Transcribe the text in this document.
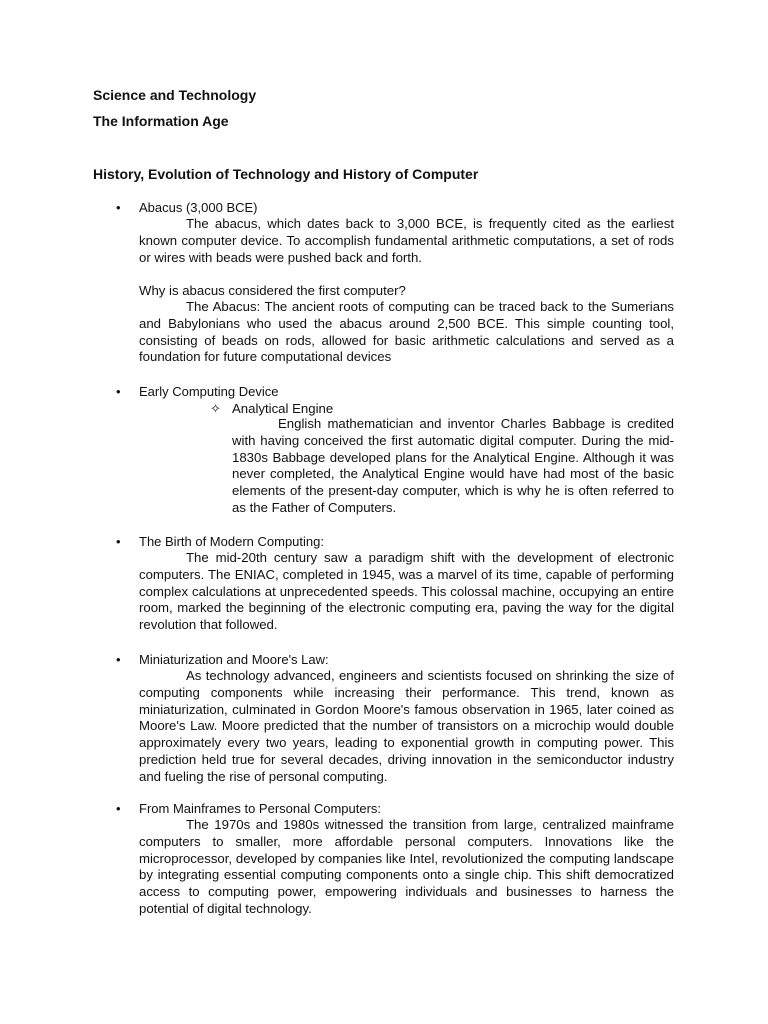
Science and Technology
The Information Age
History, Evolution of Technology and History of Computer
• Abacus (3,000 BCE)

The abacus, which dates back to 3,000 BCE, is frequently cited as the earliest known computer device. To accomplish fundamental arithmetic computations, a set of rods or wires with beads were pushed back and forth.

Why is abacus considered the first computer?

The Abacus: The ancient roots of computing can be traced back to the Sumerians and Babylonians who used the abacus around 2,500 BCE. This simple counting tool, consisting of beads on rods, allowed for basic arithmetic calculations and served as a foundation for future computational devices

• Early Computing Device
✧ Analytical Engine

English mathematician and inventor Charles Babbage is credited with having conceived the first automatic digital computer. During the mid-1830s Babbage developed plans for the Analytical Engine. Although it was never completed, the Analytical Engine would have had most of the basic elements of the present-day computer, which is why he is often referred to as the Father of Computers.

• The Birth of Modern Computing:

The mid-20th century saw a paradigm shift with the development of electronic computers. The ENIAC, completed in 1945, was a marvel of its time, capable of performing complex calculations at unprecedented speeds. This colossal machine, occupying an entire room, marked the beginning of the electronic computing era, paving the way for the digital revolution that followed.

• Miniaturization and Moore's Law:

As technology advanced, engineers and scientists focused on shrinking the size of computing components while increasing their performance. This trend, known as miniaturization, culminated in Gordon Moore's famous observation in 1965, later coined as Moore's Law. Moore predicted that the number of transistors on a microchip would double approximately every two years, leading to exponential growth in computing power. This prediction held true for several decades, driving innovation in the semiconductor industry and fueling the rise of personal computing.

• From Mainframes to Personal Computers:

The 1970s and 1980s witnessed the transition from large, centralized mainframe computers to smaller, more affordable personal computers. Innovations like the microprocessor, developed by companies like Intel, revolutionized the computing landscape by integrating essential computing components onto a single chip. This shift democratized access to computing power, empowering individuals and businesses to harness the potential of digital technology.
